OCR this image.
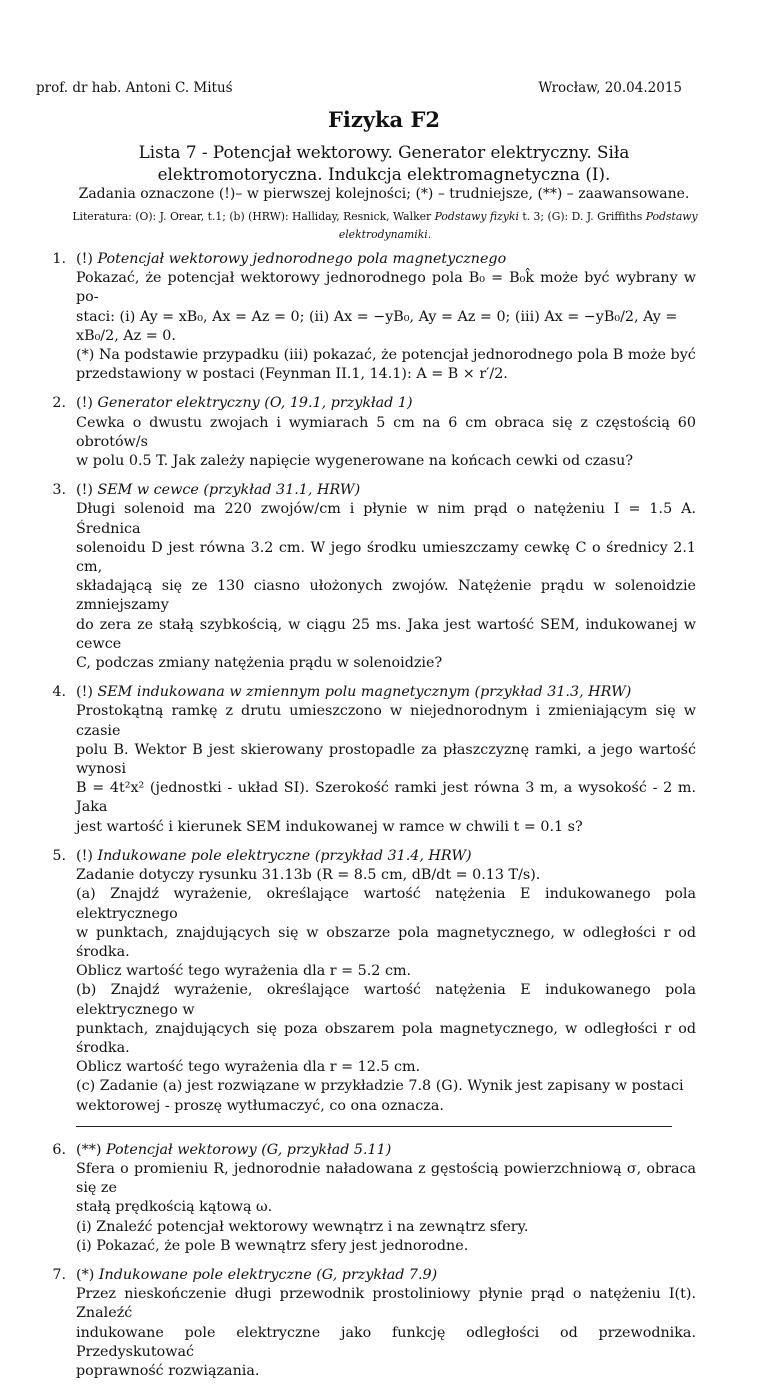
prof. dr hab. Antoni C. Mituś	Wrocław, 20.04.2015
Fizyka F2
Lista 7 - Potencjał wektorowy. Generator elektryczny. Siła
elektromotoryczna. Indukcja elektromagnetyczna (I).
Zadania oznaczone (!)– w pierwszej kolejności; (*) – trudniejsze, (**) – zaawansowane.
Literatura: (O): J. Orear, t.1; (b) (HRW): Halliday, Resnick, Walker Podstawy fizyki t. 3; (G): D. J. Griffiths Podstawy elektrodynamiki.
1. (!) Potencjał wektorowy jednorodnego pola magnetycznego
Pokazać, że potencjał wektorowy jednorodnego pola B₀ = B₀k̂ może być wybrany w po-
staci: (i) Ay = xB₀, Ax = Az = 0; (ii) Ax = −yB₀, Ay = Az = 0; (iii) Ax = −yB₀/2, Ay =
xB₀/2, Az = 0.
(*) Na podstawie przypadku (iii) pokazać, że potencjał jednorodnego pola B może być
przedstawiony w postaci (Feynman II.1, 14.1): A = B × r′/2.
2. (!) Generator elektryczny (O, 19.1, przykład 1)
Cewka o dwustu zwojach i wymiarach 5 cm na 6 cm obraca się z częstością 60 obrotów/s
w polu 0.5 T. Jak zależy napięcie wygenerowane na końcach cewki od czasu?
3. (!) SEM w cewce (przykład 31.1, HRW)
Długi solenoid ma 220 zwojów/cm i płynie w nim prąd o natężeniu I = 1.5 A. Średnica
solenoidu D jest równa 3.2 cm. W jego środku umieszczamy cewkę C o średnicy 2.1 cm,
składającą się ze 130 ciasno ułożonych zwojów. Natężenie prądu w solenoidzie zmniejszamy
do zera ze stałą szybkością, w ciągu 25 ms. Jaka jest wartość SEM, indukowanej w cewce
C, podczas zmiany natężenia prądu w solenoidzie?
4. (!) SEM indukowana w zmiennym polu magnetycznym (przykład 31.3, HRW)
Prostokątną ramkę z drutu umieszczono w niejednorodnym i zmieniającym się w czasie
polu B. Wektor B jest skierowany prostopadle za płaszczyznę ramki, a jego wartość wynosi
B = 4t²x² (jednostki - układ SI). Szerokość ramki jest równa 3 m, a wysokość - 2 m. Jaka
jest wartość i kierunek SEM indukowanej w ramce w chwili t = 0.1 s?
5. (!) Indukowane pole elektryczne (przykład 31.4, HRW)
Zadanie dotyczy rysunku 31.13b (R = 8.5 cm, dB/dt = 0.13 T/s).
(a) Znajdź wyrażenie, określające wartość natężenia E indukowanego pola elektrycznego
w punktach, znajdujących się w obszarze pola magnetycznego, w odległości r od środka.
Oblicz wartość tego wyrażenia dla r = 5.2 cm.
(b) Znajdź wyrażenie, określające wartość natężenia E indukowanego pola elektrycznego w
punktach, znajdujących się poza obszarem pola magnetycznego, w odległości r od środka.
Oblicz wartość tego wyrażenia dla r = 12.5 cm.
(c) Zadanie (a) jest rozwiązane w przykładzie 7.8 (G). Wynik jest zapisany w postaci
wektorowej - proszę wytłumaczyć, co ona oznacza.
6. (**) Potencjał wektorowy (G, przykład 5.11)
Sfera o promieniu R, jednorodnie naładowana z gęstością powierzchniową σ, obraca się ze
stałą prędkością kątową ω.
(i) Znaleźć potencjał wektorowy wewnątrz i na zewnątrz sfery.
(i) Pokazać, że pole B wewnątrz sfery jest jednorodne.
7. (*) Indukowane pole elektryczne (G, przykład 7.9)
Przez nieskończenie długi przewodnik prostoliniowy płynie prąd o natężeniu I(t). Znaleźć
indukowane pole elektryczne jako funkcję odległości od przewodnika. Przedyskutować
poprawność rozwiązania.
